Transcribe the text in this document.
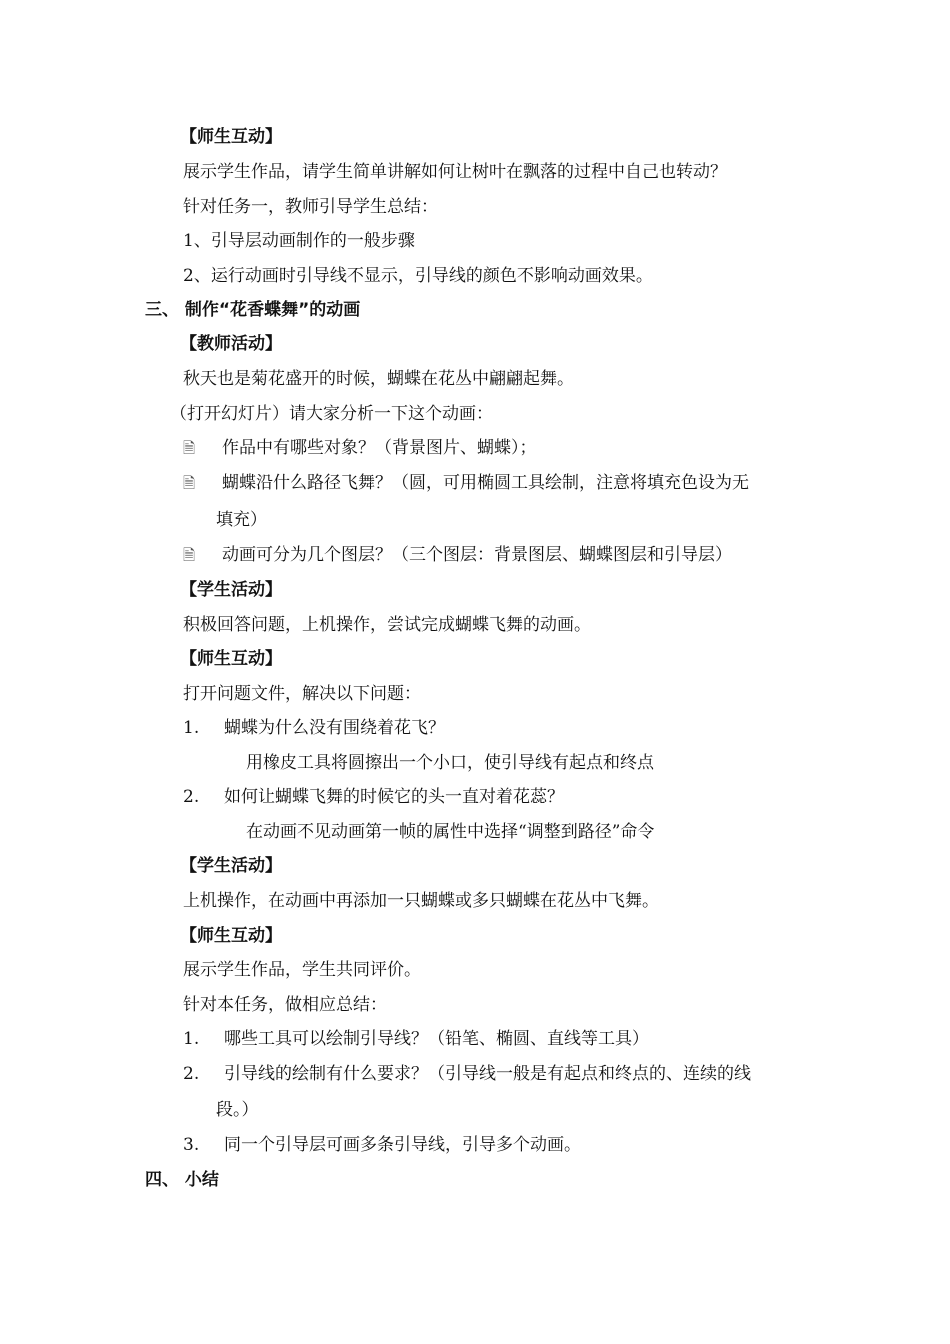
【师生互动】
展示学生作品，请学生简单讲解如何让树叶在飘落的过程中自己也转动？
针对任务一，教师引导学生总结：
1、引导层动画制作的一般步骤
2、运行动画时引导线不显示，引导线的颜色不影响动画效果。
三、 制作“花香蝶舞”的动画
【教师活动】
秋天也是菊花盛开的时候，蝴蝶在花丛中翩翩起舞。
（打开幻灯片）请大家分析一下这个动画：
🗎 作品中有哪些对象？（背景图片、蝴蝶）；
🗎 蝴蝶沿什么路径飞舞？（圆，可用椭圆工具绘制，注意将填充色设为无
填充）
🗎 动画可分为几个图层？（三个图层：背景图层、蝴蝶图层和引导层）
【学生活动】
积极回答问题，上机操作，尝试完成蝴蝶飞舞的动画。
【师生互动】
打开问题文件，解决以下问题：
1. 蝴蝶为什么没有围绕着花飞？
用橡皮工具将圆擦出一个小口，使引导线有起点和终点
2. 如何让蝴蝶飞舞的时候它的头一直对着花蕊？
在动画不见动画第一帧的属性中选择“调整到路径”命令
【学生活动】
上机操作，在动画中再添加一只蝴蝶或多只蝴蝶在花丛中飞舞。
【师生互动】
展示学生作品，学生共同评价。
针对本任务，做相应总结：
1. 哪些工具可以绘制引导线？（铅笔、椭圆、直线等工具）
2. 引导线的绘制有什么要求？（引导线一般是有起点和终点的、连续的线
段。）
3. 同一个引导层可画多条引导线，引导多个动画。
四、 小结
